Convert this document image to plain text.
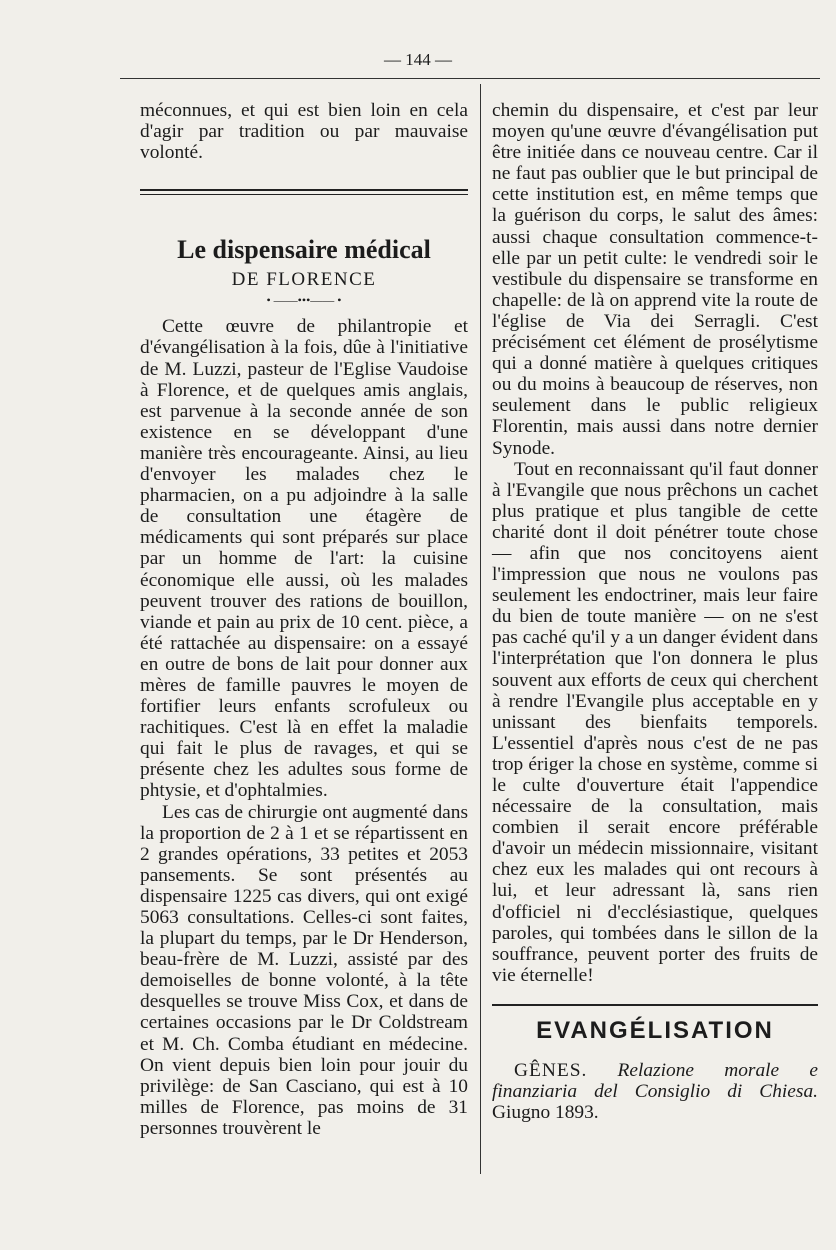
— 144 —

méconnues, et qui est bien loin en cela d'agir par tradition ou par mauvaise volonté.

Le dispensaire médical
DE FLORENCE
• ——•••—— •

Cette œuvre de philantropie et d'évangélisation à la fois, dûe à l'initiative de M. Luzzi, pasteur de l'Eglise Vaudoise à Florence, et de quelques amis anglais, est parvenue à la seconde année de son existence en se développant d'une manière très encourageante. Ainsi, au lieu d'envoyer les malades chez le pharmacien, on a pu adjoindre à la salle de consultation une étagère de médicaments qui sont préparés sur place par un homme de l'art: la cuisine économique elle aussi, où les malades peuvent trouver des rations de bouillon, viande et pain au prix de 10 cent. pièce, a été rattachée au dispensaire: on a essayé en outre de bons de lait pour donner aux mères de famille pauvres le moyen de fortifier leurs enfants scrofuleux ou rachitiques. C'est là en effet la maladie qui fait le plus de ravages, et qui se présente chez les adultes sous forme de phtysie, et d'ophtalmies.

Les cas de chirurgie ont augmenté dans la proportion de 2 à 1 et se répartissent en 2 grandes opérations, 33 petites et 2053 pansements. Se sont présentés au dispensaire 1225 cas divers, qui ont exigé 5063 consultations. Celles-ci sont faites, la plupart du temps, par le Dr Henderson, beau-frère de M. Luzzi, assisté par des demoiselles de bonne volonté, à la tête desquelles se trouve Miss Cox, et dans de certaines occasions par le Dr Coldstream et M. Ch. Comba étudiant en médecine. On vient depuis bien loin pour jouir du privilège: de San Casciano, qui est à 10 milles de Florence, pas moins de 31 personnes trouvèrent le

chemin du dispensaire, et c'est par leur moyen qu'une œuvre d'évangélisation put être initiée dans ce nouveau centre. Car il ne faut pas oublier que le but principal de cette institution est, en même temps que la guérison du corps, le salut des âmes: aussi chaque consultation commence-t-elle par un petit culte: le vendredi soir le vestibule du dispensaire se transforme en chapelle: de là on apprend vite la route de l'église de Via dei Serragli. C'est précisément cet élément de prosélytisme qui a donné matière à quelques critiques ou du moins à beaucoup de réserves, non seulement dans le public religieux Florentin, mais aussi dans notre dernier Synode.

Tout en reconnaissant qu'il faut donner à l'Evangile que nous prêchons un cachet plus pratique et plus tangible de cette charité dont il doit pénétrer toute chose — afin que nos concitoyens aient l'impression que nous ne voulons pas seulement les endoctriner, mais leur faire du bien de toute manière — on ne s'est pas caché qu'il y a un danger évident dans l'interprétation que l'on donnera le plus souvent aux efforts de ceux qui cherchent à rendre l'Evangile plus acceptable en y unissant des bienfaits temporels. L'essentiel d'après nous c'est de ne pas trop ériger la chose en système, comme si le culte d'ouverture était l'appendice nécessaire de la consultation, mais combien il serait encore préférable d'avoir un médecin missionnaire, visitant chez eux les malades qui ont recours à lui, et leur adressant là, sans rien d'officiel ni d'ecclésiastique, quelques paroles, qui tombées dans le sillon de la souffrance, peuvent porter des fruits de vie éternelle!

EVANGÉLISATION

GÊNES. Relazione morale e finanziaria del Consiglio di Chiesa. Giugno 1893.
